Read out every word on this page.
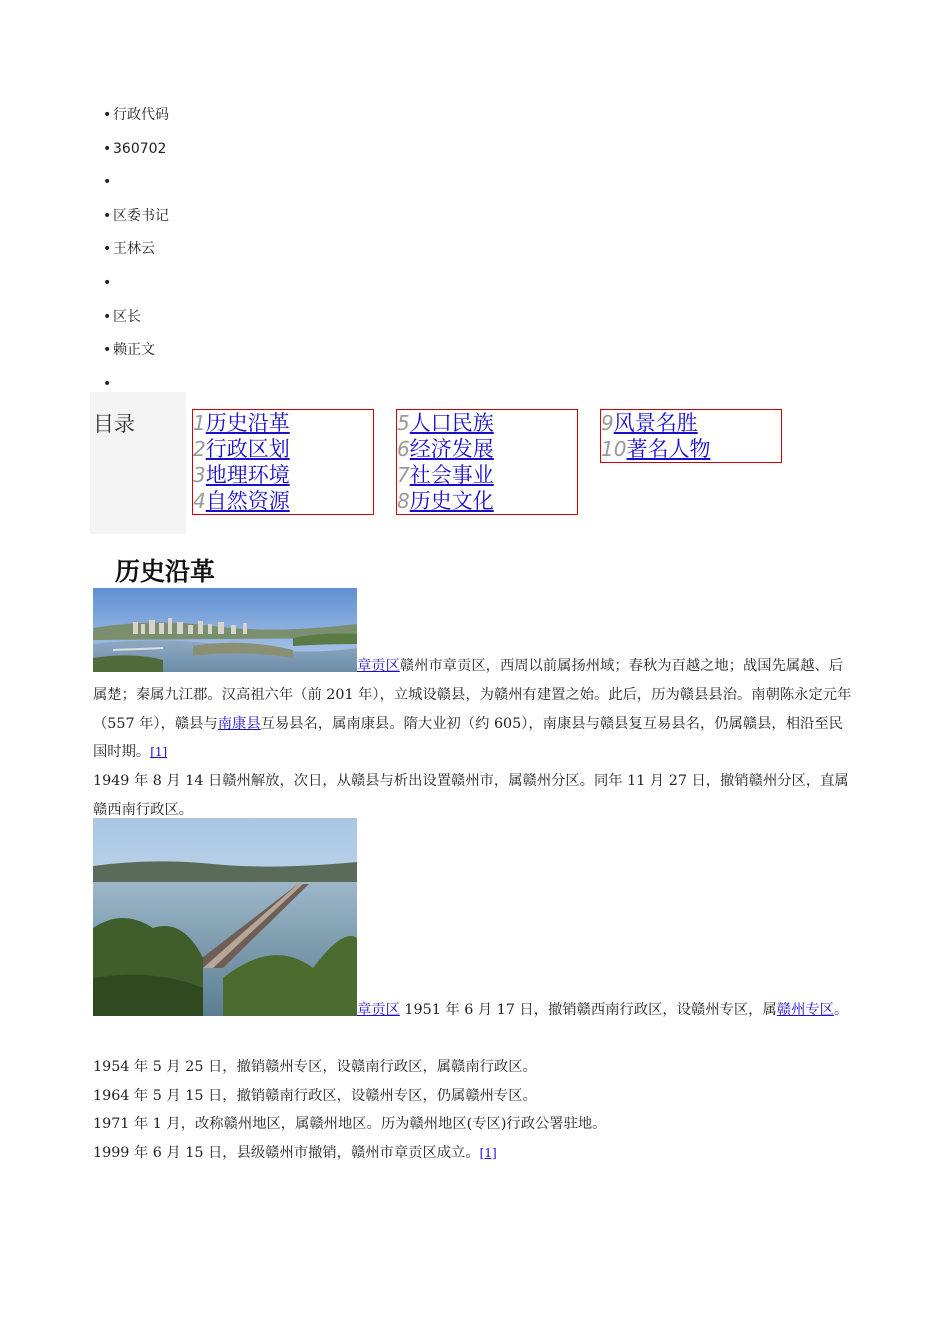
• 行政代码
• 360702
•
• 区委书记
• 王林云
•
• 区长
• 赖正文
•
目录	1历史沿革
2行政区划
3地理环境
4自然资源
5人口民族
6经济发展
7社会事业
8历史文化
9风景名胜
10著名人物
历史沿革
章贡区赣州市章贡区，西周以前属扬州域；春秋为百越之地；战国先属越、后属楚；秦属九江郡。汉高祖六年（前 201 年），立城设赣县，为赣州有建置之始。此后，历为赣县县治。南朝陈永定元年（557 年），赣县与南康县互易县名，属南康县。隋大业初（约 605），南康县与赣县复互易县名，仍属赣县，相沿至民国时期。[1]
1949 年 8 月 14 日赣州解放，次日，从赣县与析出设置赣州市，属赣州分区。同年 11 月 27 日，撤销赣州分区，直属赣西南行政区。
章贡区 1951 年 6 月 17 日，撤销赣西南行政区，设赣州专区，属赣州专区。
1954 年 5 月 25 日，撤销赣州专区，设赣南行政区，属赣南行政区。
1964 年 5 月 15 日，撤销赣南行政区，设赣州专区，仍属赣州专区。
1971 年 1 月，改称赣州地区，属赣州地区。历为赣州地区(专区)行政公署驻地。
1999 年 6 月 15 日，县级赣州市撤销，赣州市章贡区成立。[1]
